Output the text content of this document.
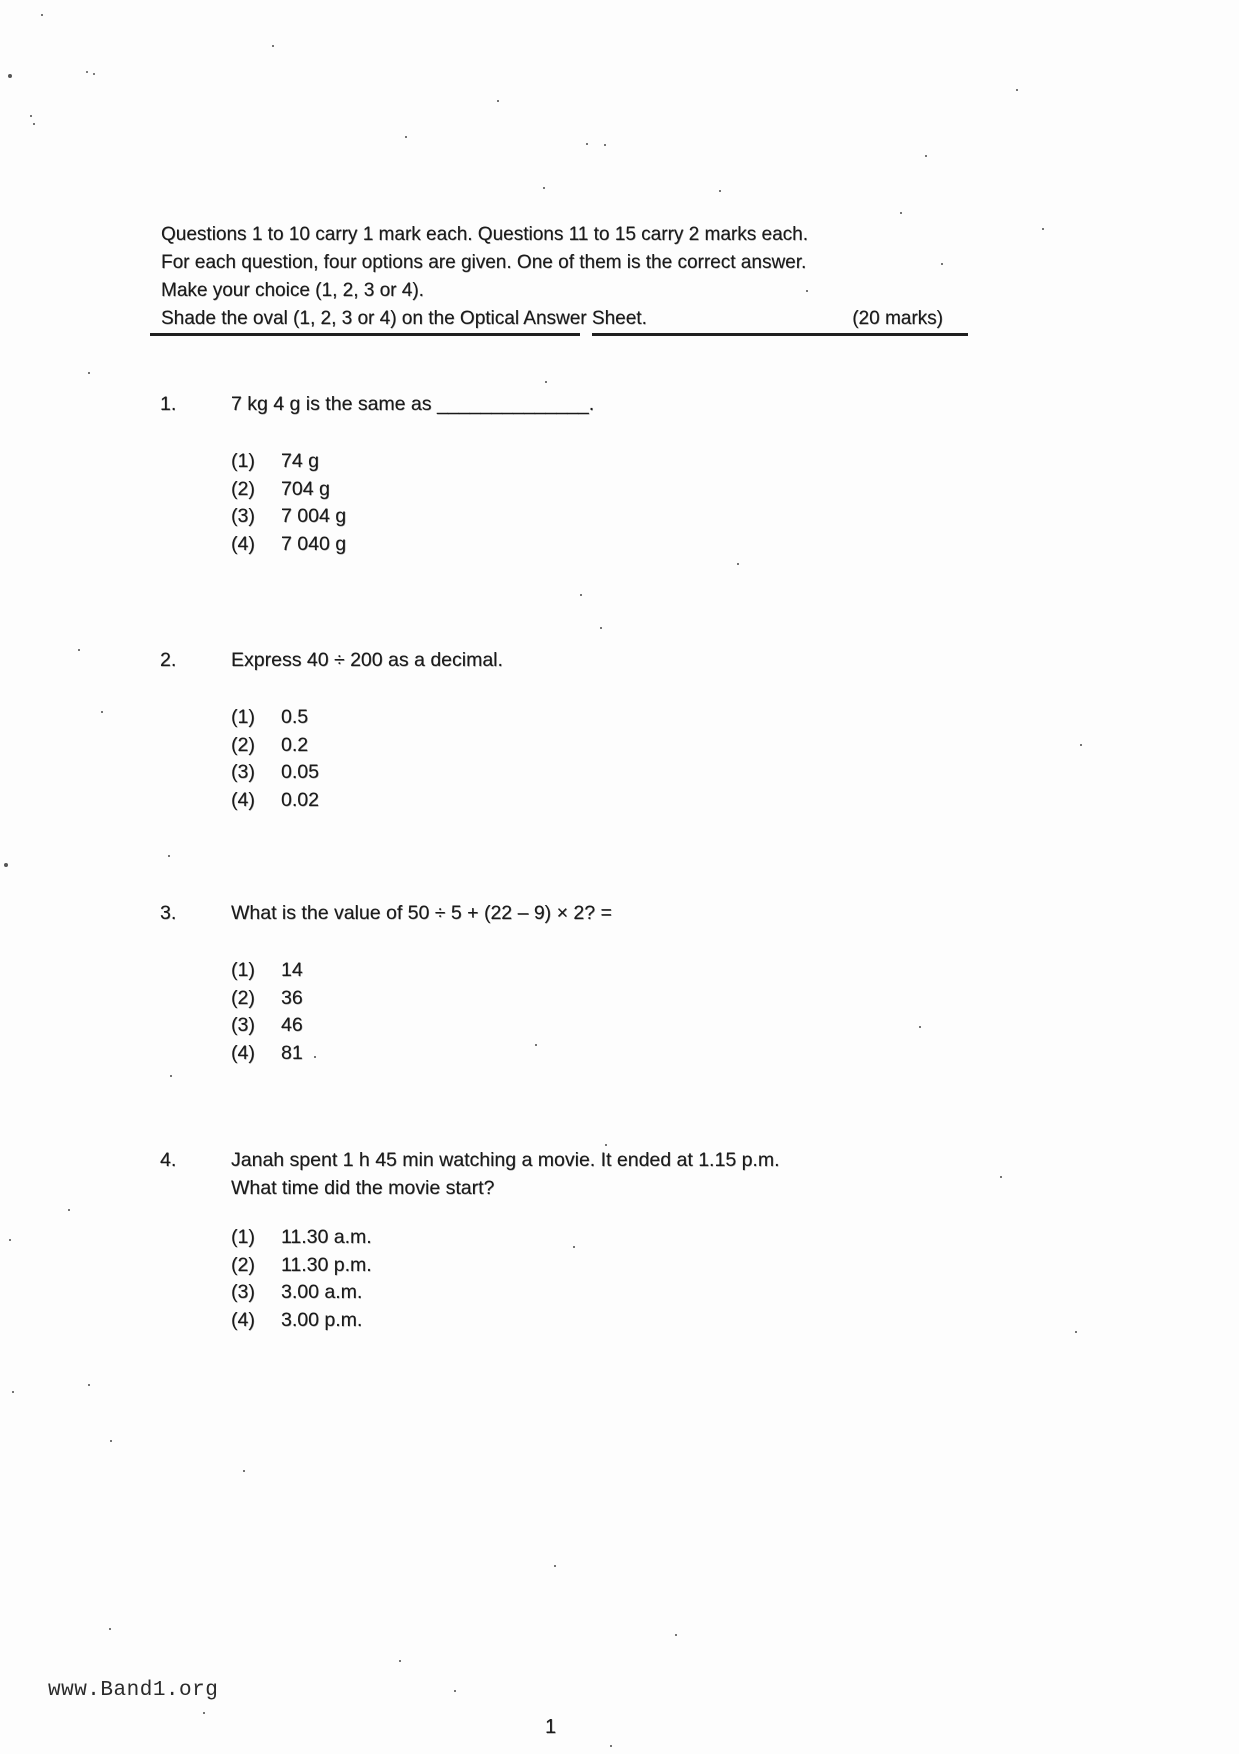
Questions 1 to 10 carry 1 mark each. Questions 11 to 15 carry 2 marks each.
For each question, four options are given. One of them is the correct answer.
Make your choice (1, 2, 3 or 4).
Shade the oval (1, 2, 3 or 4) on the Optical Answer Sheet.	(20 marks)
1.	7 kg 4 g is the same as ______________.
(1)	74 g
(2)	704 g
(3)	7 004 g
(4)	7 040 g
2.	Express 40 ÷ 200 as a decimal.
(1)	0.5
(2)	0.2
(3)	0.05
(4)	0.02
3.	What is the value of 50 ÷ 5 + (22 – 9) × 2? =
(1)	14
(2)	36
(3)	46
(4)	81
4.	Janah spent 1 h 45 min watching a movie. It ended at 1.15 p.m.
What time did the movie start?
(1)	11.30 a.m.
(2)	11.30 p.m.
(3)	3.00 a.m.
(4)	3.00 p.m.
www.Band1.org
1
